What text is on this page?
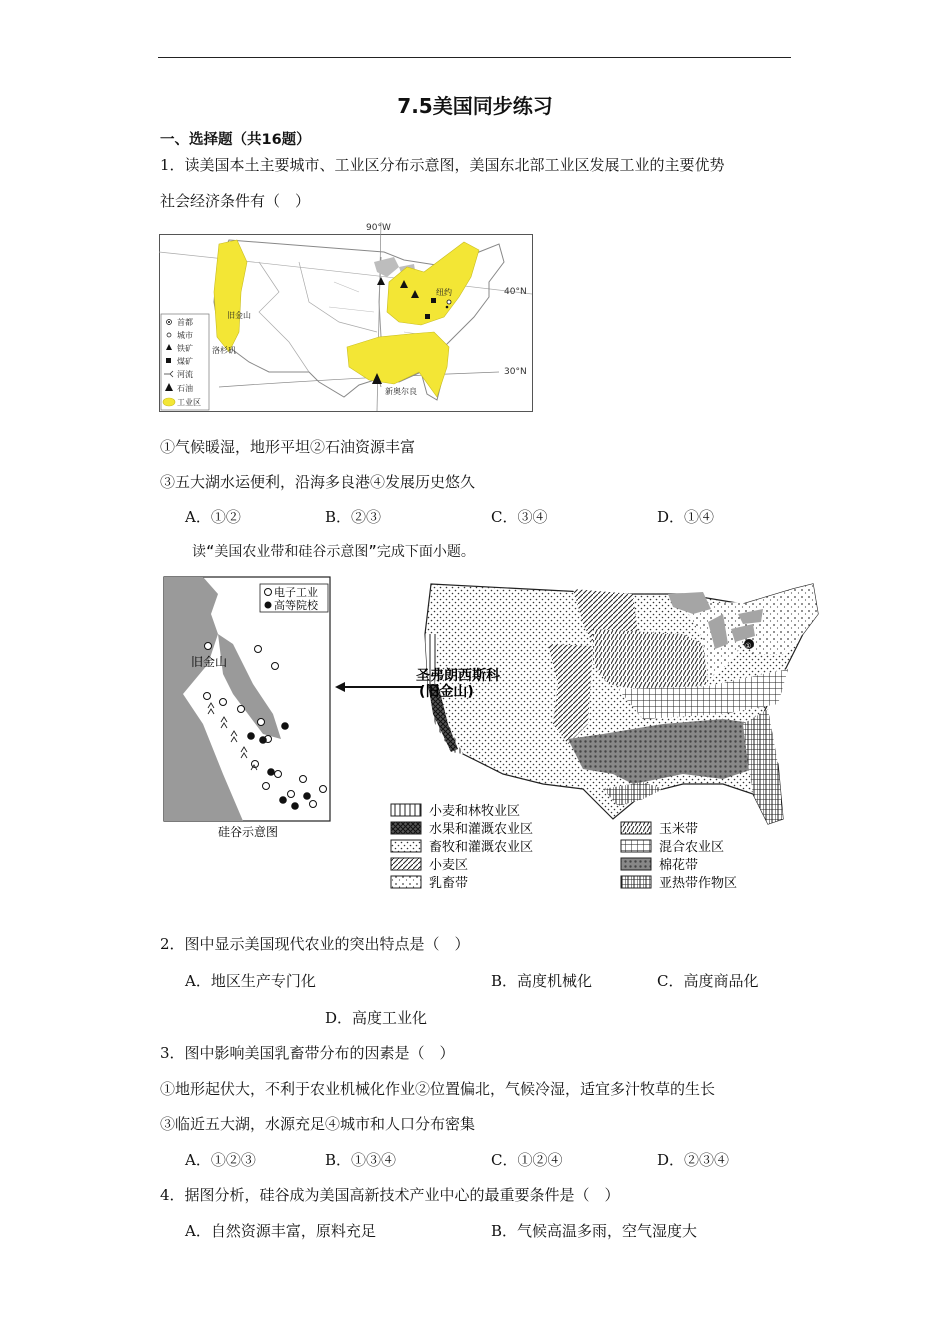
7.5美国同步练习
一、选择题（共16题）
1．读美国本土主要城市、工业区分布示意图，美国东北部工业区发展工业的主要优势
社会经济条件有（　）
90°W
40°N
30°N
纽约
旧金山
洛杉矶
新奥尔良
首都
城市
铁矿
煤矿
河流
石油
工业区
①气候暖湿，地形平坦②石油资源丰富
③五大湖水运便利，沿海多良港④发展历史悠久
A．①②	B．②③	C．③④	D．①④
读“美国农业带和硅谷示意图”完成下面小题。
电子工业
高等院校
旧金山
硅谷示意图
①
圣弗朗西斯科
(旧金山)
小麦和林牧业区
水果和灌溉农业区
畜牧和灌溉农业区
小麦区
乳畜带
玉米带
混合农业区
棉花带
亚热带作物区
2．图中显示美国现代农业的突出特点是（　）
A．地区生产专门化	B．高度机械化	C．高度商品化
D．高度工业化
3．图中影响美国乳畜带分布的因素是（　）
①地形起伏大，不利于农业机械化作业②位置偏北，气候冷湿，适宜多汁牧草的生长
③临近五大湖，水源充足④城市和人口分布密集
A．①②③	B．①③④	C．①②④	D．②③④
4．据图分析，硅谷成为美国高新技术产业中心的最重要条件是（　）
A．自然资源丰富，原料充足	B．气候高温多雨，空气湿度大
